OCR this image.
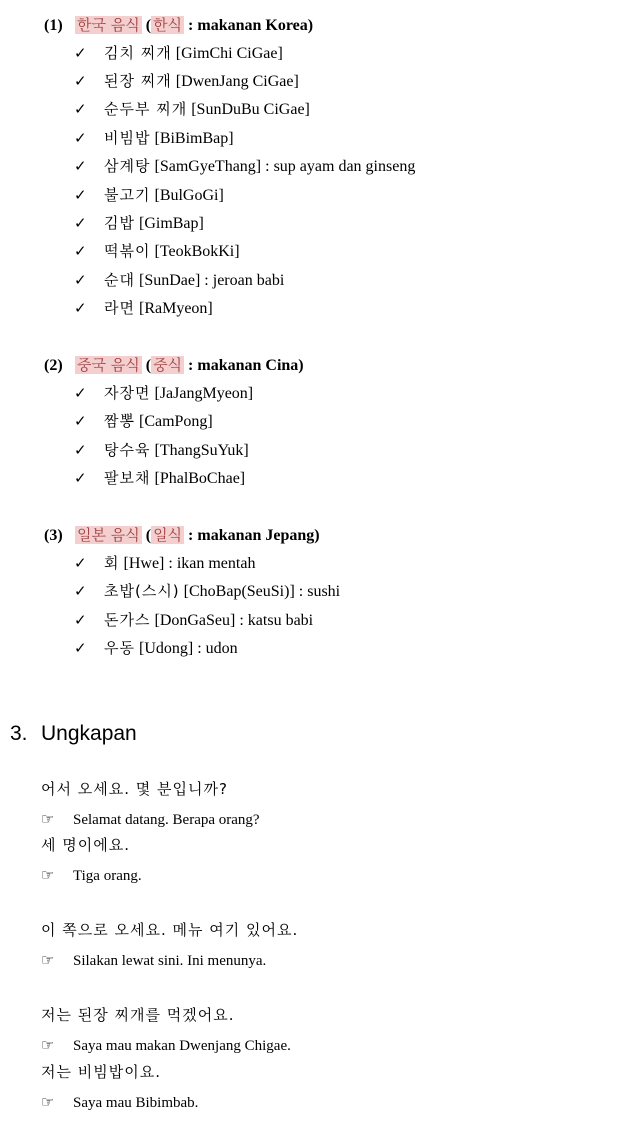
(1) 한국 음식 ( 한식 : makanan Korea)
✓ 김치 찌개 [GimChi CiGae]
✓ 된장 찌개 [DwenJang CiGae]
✓ 순두부 찌개 [SunDuBu CiGae]
✓ 비빔밥 [BiBimBap]
✓ 삼계탕 [SamGyeThang] : sup ayam dan ginseng
✓ 불고기 [BulGoGi]
✓ 김밥 [GimBap]
✓ 떡볶이 [TeokBokKi]
✓ 순대 [SunDae] : jeroan babi
✓ 라면 [RaMyeon]
(2) 중국 음식 ( 중식 : makanan Cina)
✓ 자장면 [JaJangMyeon]
✓ 짬뽕 [CamPong]
✓ 탕수육 [ThangSuYuk]
✓ 팔보채 [PhalBoChae]
(3) 일본 음식 ( 일식 : makanan Jepang)
✓ 회 [Hwe] : ikan mentah
✓ 초밥(스시) [ChoBap(SeuSi)] : sushi
✓ 돈가스 [DonGaSeu] : katsu babi
✓ 우동 [Udong] : udon
3. Ungkapan
어서 오세요. 몇 분입니까?
☞ Selamat datang. Berapa orang?
세 명이에요.
☞ Tiga orang.
이 쪽으로 오세요. 메뉴 여기 있어요.
☞ Silakan lewat sini. Ini menunya.
저는 된장 찌개를 먹겠어요.
☞ Saya mau makan Dwenjang Chigae.
저는 비빔밥이요.
☞ Saya mau Bibimbab.
